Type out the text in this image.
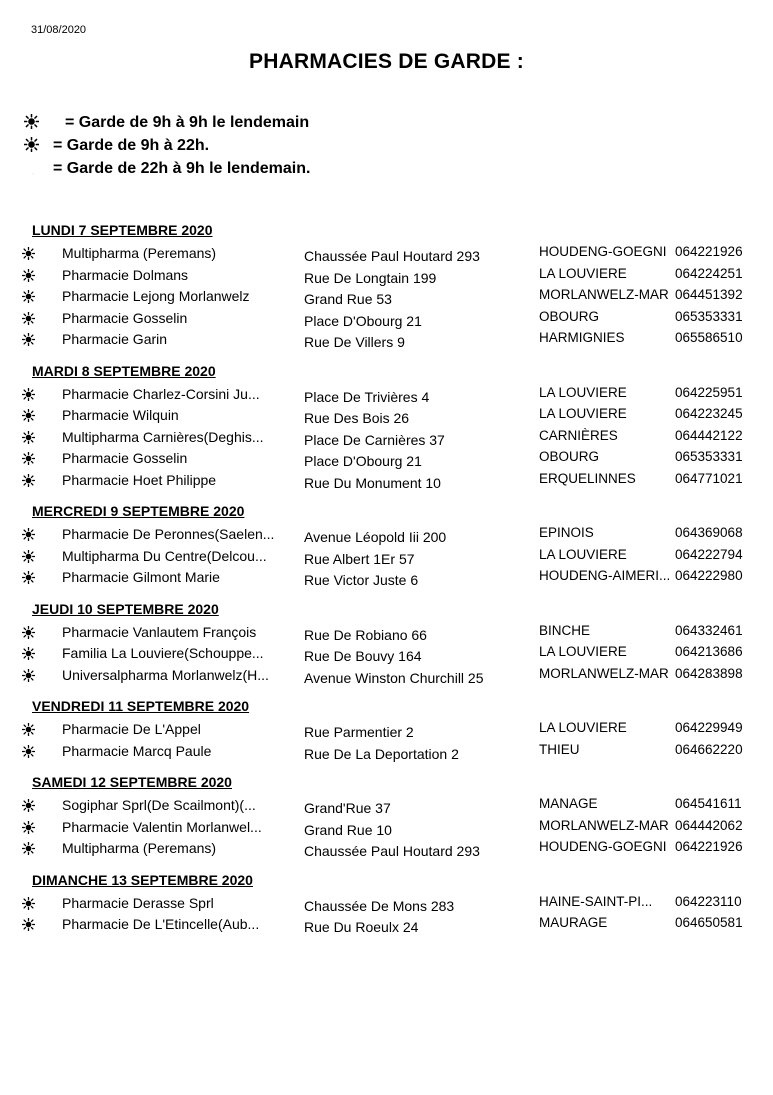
31/08/2020
PHARMACIES DE GARDE :
= Garde de 9h à 9h le lendemain
= Garde de 9h à 22h.
= Garde de 22h à 9h le lendemain.
LUNDI 7 SEPTEMBRE 2020
Multipharma (Peremans)	Chaussée Paul Houtard 293	HOUDENG-GOEGNI 064221926
Pharmacie Dolmans	Rue De Longtain 199	LA LOUVIERE	064224251
Pharmacie Lejong Morlanwelz	Grand Rue 53	MORLANWELZ-MAR 064451392
Pharmacie Gosselin	Place D'Obourg 21	OBOURG	065353331
Pharmacie Garin	Rue De Villers 9	HARMIGNIES	065586510
MARDI 8 SEPTEMBRE 2020
Pharmacie Charlez-Corsini Ju...	Place De Trivières 4	LA LOUVIERE	064225951
Pharmacie Wilquin	Rue Des Bois 26	LA LOUVIERE	064223245
Multipharma Carnières(Deghis...	Place De Carnières 37	CARNIÈRES	064442122
Pharmacie Gosselin	Place D'Obourg 21	OBOURG	065353331
Pharmacie Hoet Philippe	Rue Du Monument 10	ERQUELINNES	064771021
MERCREDI 9 SEPTEMBRE 2020
Pharmacie De Peronnes(Saelen... Avenue Léopold Iii 200	EPINOIS	064369068
Multipharma Du Centre(Delcou...	Rue Albert 1Er 57	LA LOUVIERE	064222794
Pharmacie Gilmont Marie	Rue Victor Juste 6	HOUDENG-AIMERI... 064222980
JEUDI 10 SEPTEMBRE 2020
Pharmacie Vanlautem François	Rue De Robiano 66	BINCHE	064332461
Familia La Louviere(Schouppe...	Rue De Bouvy 164	LA LOUVIERE	064213686
Universalpharma Morlanwelz(H...	Avenue Winston Churchill 25	MORLANWELZ-MAR 064283898
VENDREDI 11 SEPTEMBRE 2020
Pharmacie De L'Appel	Rue Parmentier 2	LA LOUVIERE	064229949
Pharmacie Marcq Paule	Rue De La Deportation 2	THIEU	064662220
SAMEDI 12 SEPTEMBRE 2020
Sogiphar Sprl(De Scailmont)(...	Grand'Rue 37	MANAGE	064541611
Pharmacie Valentin Morlanwel...	Grand Rue 10	MORLANWELZ-MAR 064442062
Multipharma (Peremans)	Chaussée Paul Houtard 293	HOUDENG-GOEGNI 064221926
DIMANCHE 13 SEPTEMBRE 2020
Pharmacie Derasse Sprl	Chaussée De Mons 283	HAINE-SAINT-PI... 064223110
Pharmacie De L'Etincelle(Aub...	Rue Du Roeulx 24	MAURAGE	064650581
